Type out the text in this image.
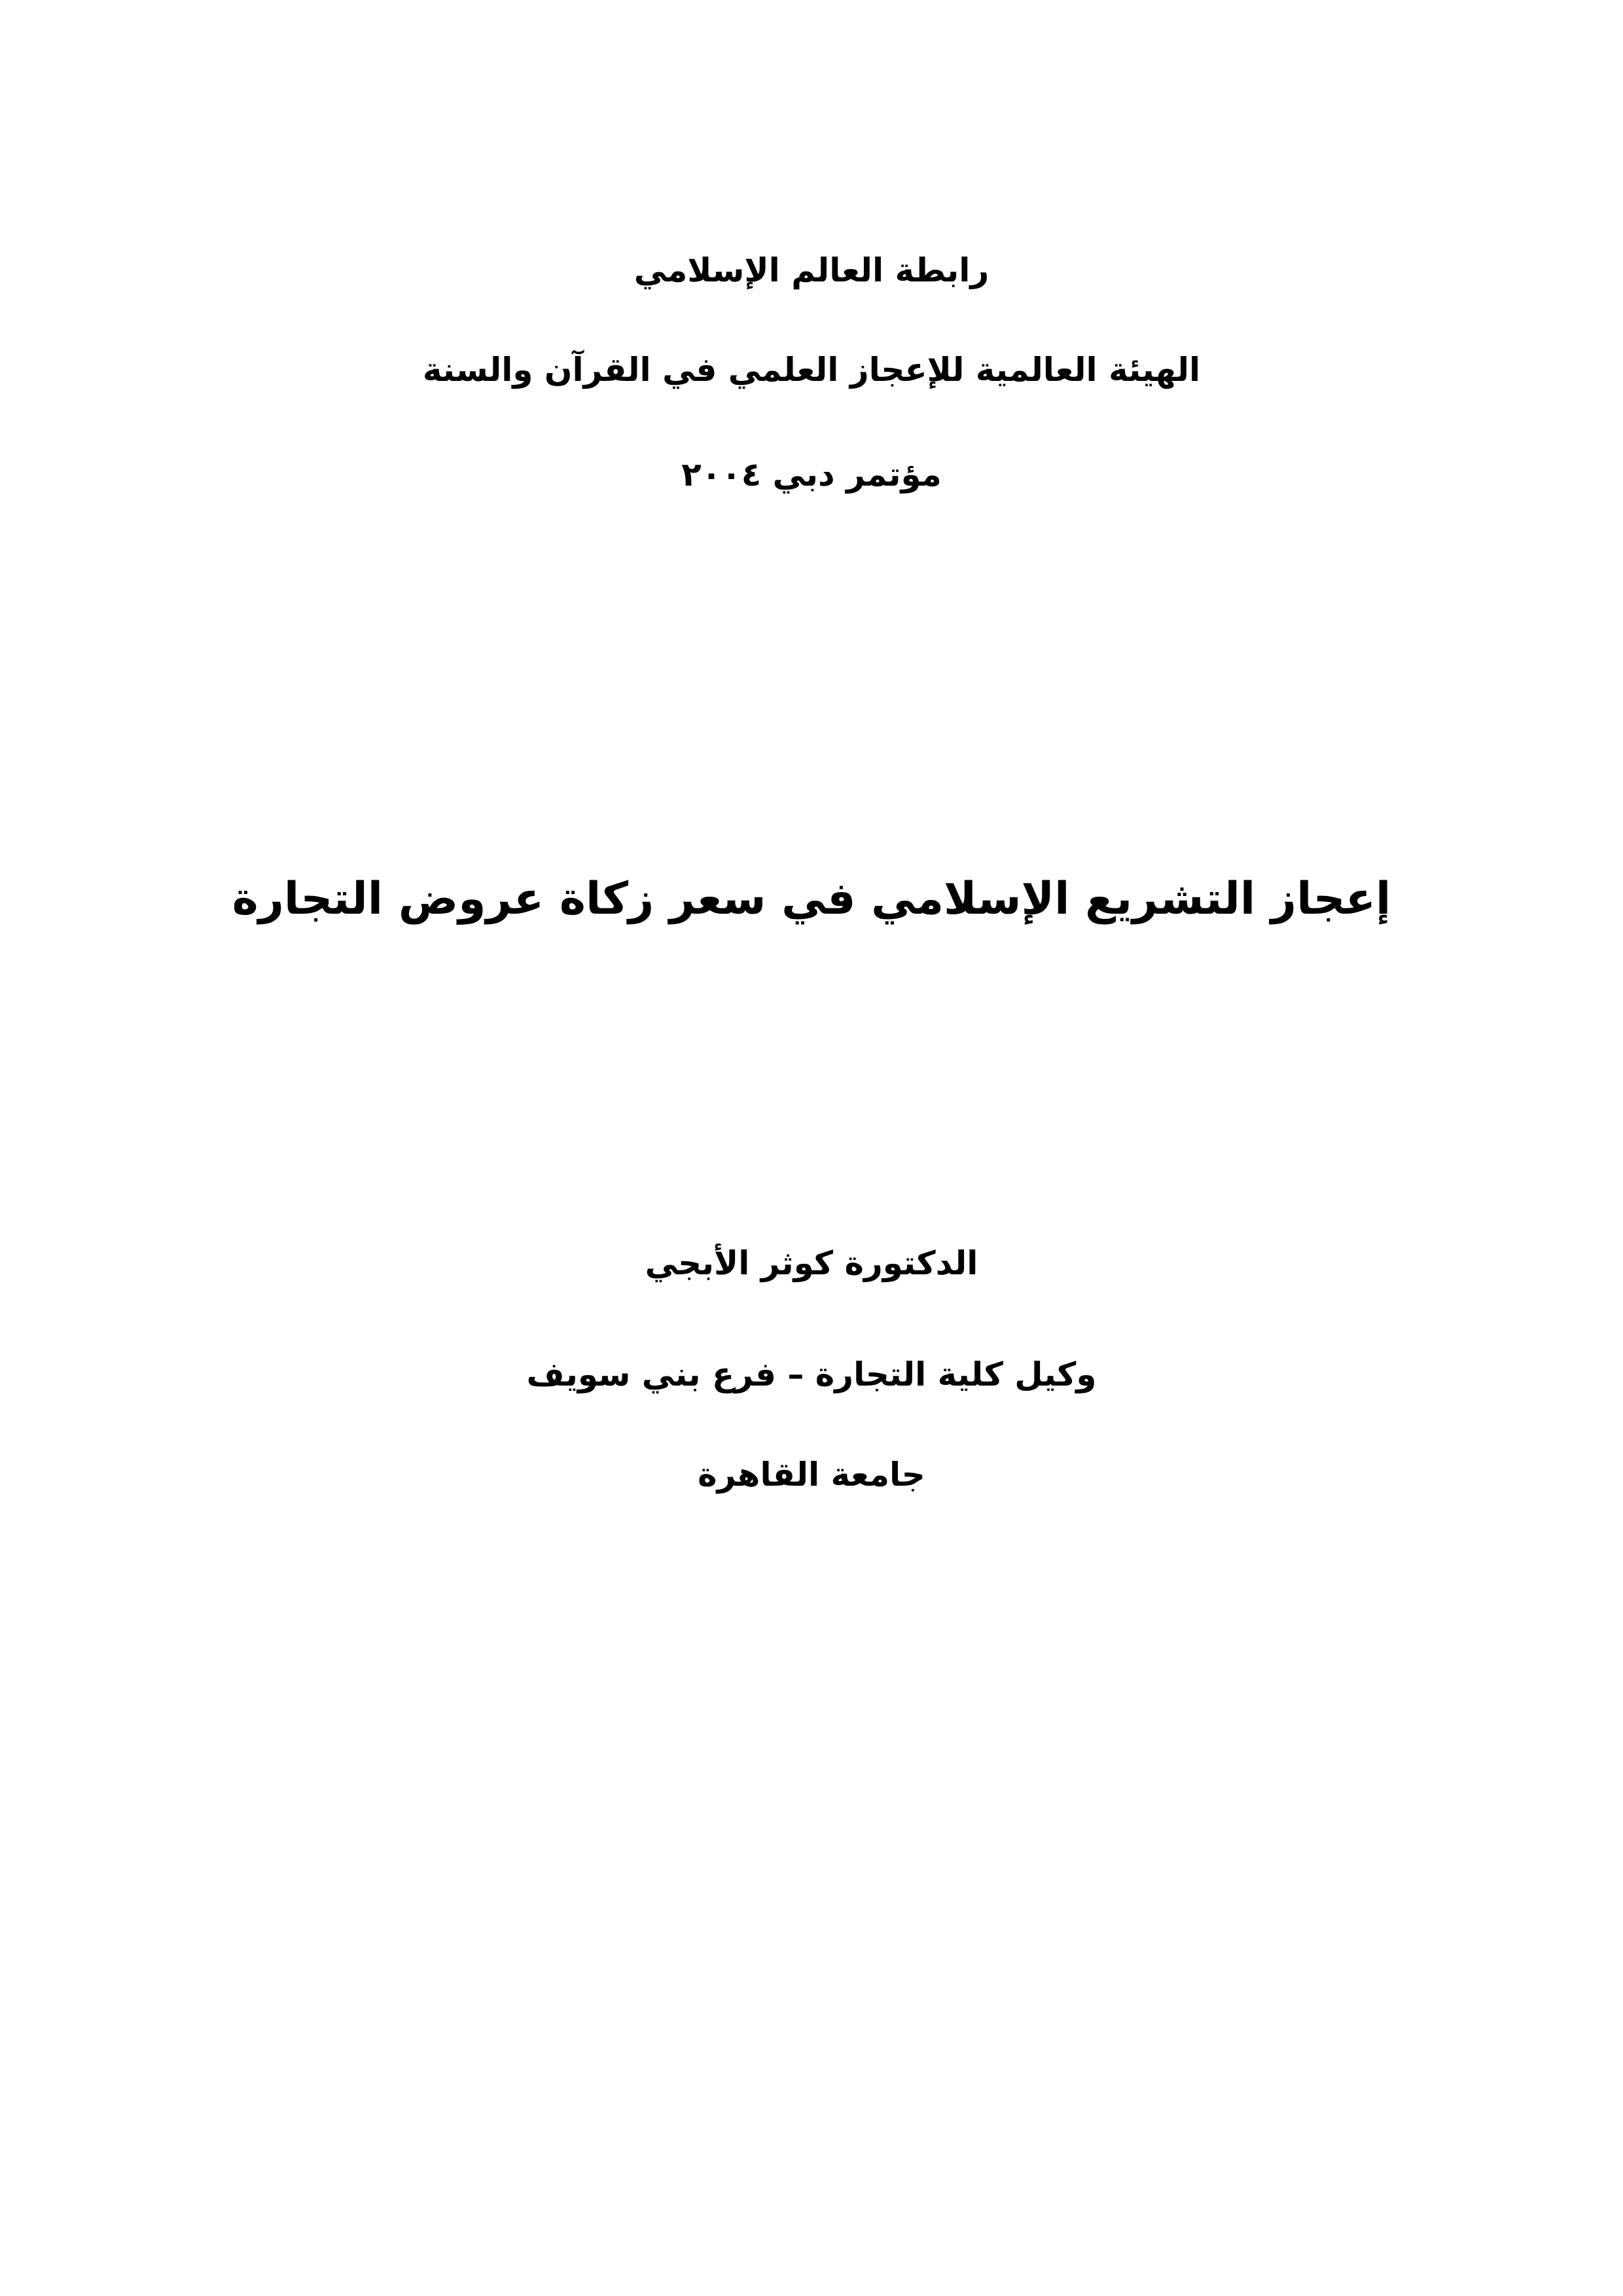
رابطة العالم الإسلامي
الهيئة العالمية للإعجاز العلمي في القرآن والسنة
مؤتمر دبي ٢٠٠٤
إعجاز التشريع الإسلامي في سعر زكاة عروض التجارة
الدكتورة كوثر الأبجي
وكيل كلية التجارة – فرع بني سويف
جامعة القاهرة
